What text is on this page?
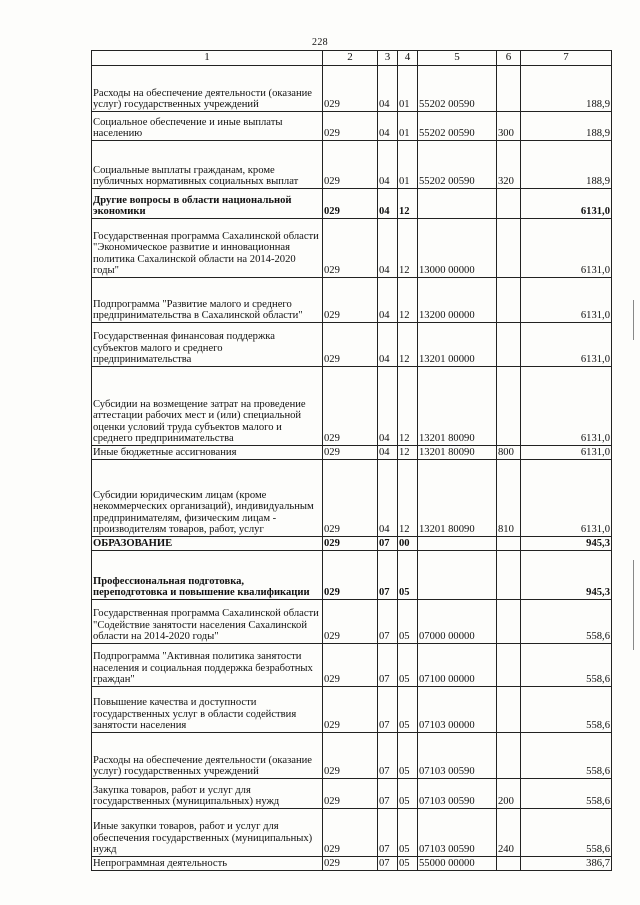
228
1	2	3	4	5	6	7
Расходы на обеспечение деятельности (оказание услуг) государственных учреждений	029	04	01	55202 00590		188,9
Социальное обеспечение и иные выплаты населению	029	04	01	55202 00590	300	188,9
Социальные выплаты гражданам, кроме публичных нормативных социальных выплат	029	04	01	55202 00590	320	188,9
Другие вопросы в области национальной экономики	029	04	12			6131,0
Государственная программа Сахалинской области "Экономическое развитие и инновационная политика Сахалинской области на 2014-2020 годы"	029	04	12	13000 00000		6131,0
Подпрограмма "Развитие малого и среднего предпринимательства в Сахалинской области"	029	04	12	13200 00000		6131,0
Государственная финансовая поддержка субъектов малого и среднего предпринимательства	029	04	12	13201 00000		6131,0
Субсидии на возмещение затрат на проведение аттестации рабочих мест и (или) специальной оценки условий труда субъектов малого и среднего предпринимательства	029	04	12	13201 80090		6131,0
Иные бюджетные ассигнования	029	04	12	13201 80090	800	6131,0
Субсидии юридическим лицам (кроме некоммерческих организаций), индивидуальным предпринимателям, физическим лицам - производителям товаров, работ, услуг	029	04	12	13201 80090	810	6131,0
ОБРАЗОВАНИЕ	029	07	00			945,3
Профессиональная подготовка, переподготовка и повышение квалификации	029	07	05			945,3
Государственная программа Сахалинской области "Содействие занятости населения Сахалинской области на 2014-2020 годы"	029	07	05	07000 00000		558,6
Подпрограмма "Активная политика занятости населения и социальная поддержка безработных граждан"	029	07	05	07100 00000		558,6
Повышение качества и доступности государственных услуг в области содействия занятости населения	029	07	05	07103 00000		558,6
Расходы на обеспечение деятельности (оказание услуг) государственных учреждений	029	07	05	07103 00590		558,6
Закупка товаров, работ и услуг для государственных (муниципальных) нужд	029	07	05	07103 00590	200	558,6
Иные закупки товаров, работ и услуг для обеспечения государственных (муниципальных) нужд	029	07	05	07103 00590	240	558,6
Непрограммная деятельность	029	07	05	55000 00000		386,7
